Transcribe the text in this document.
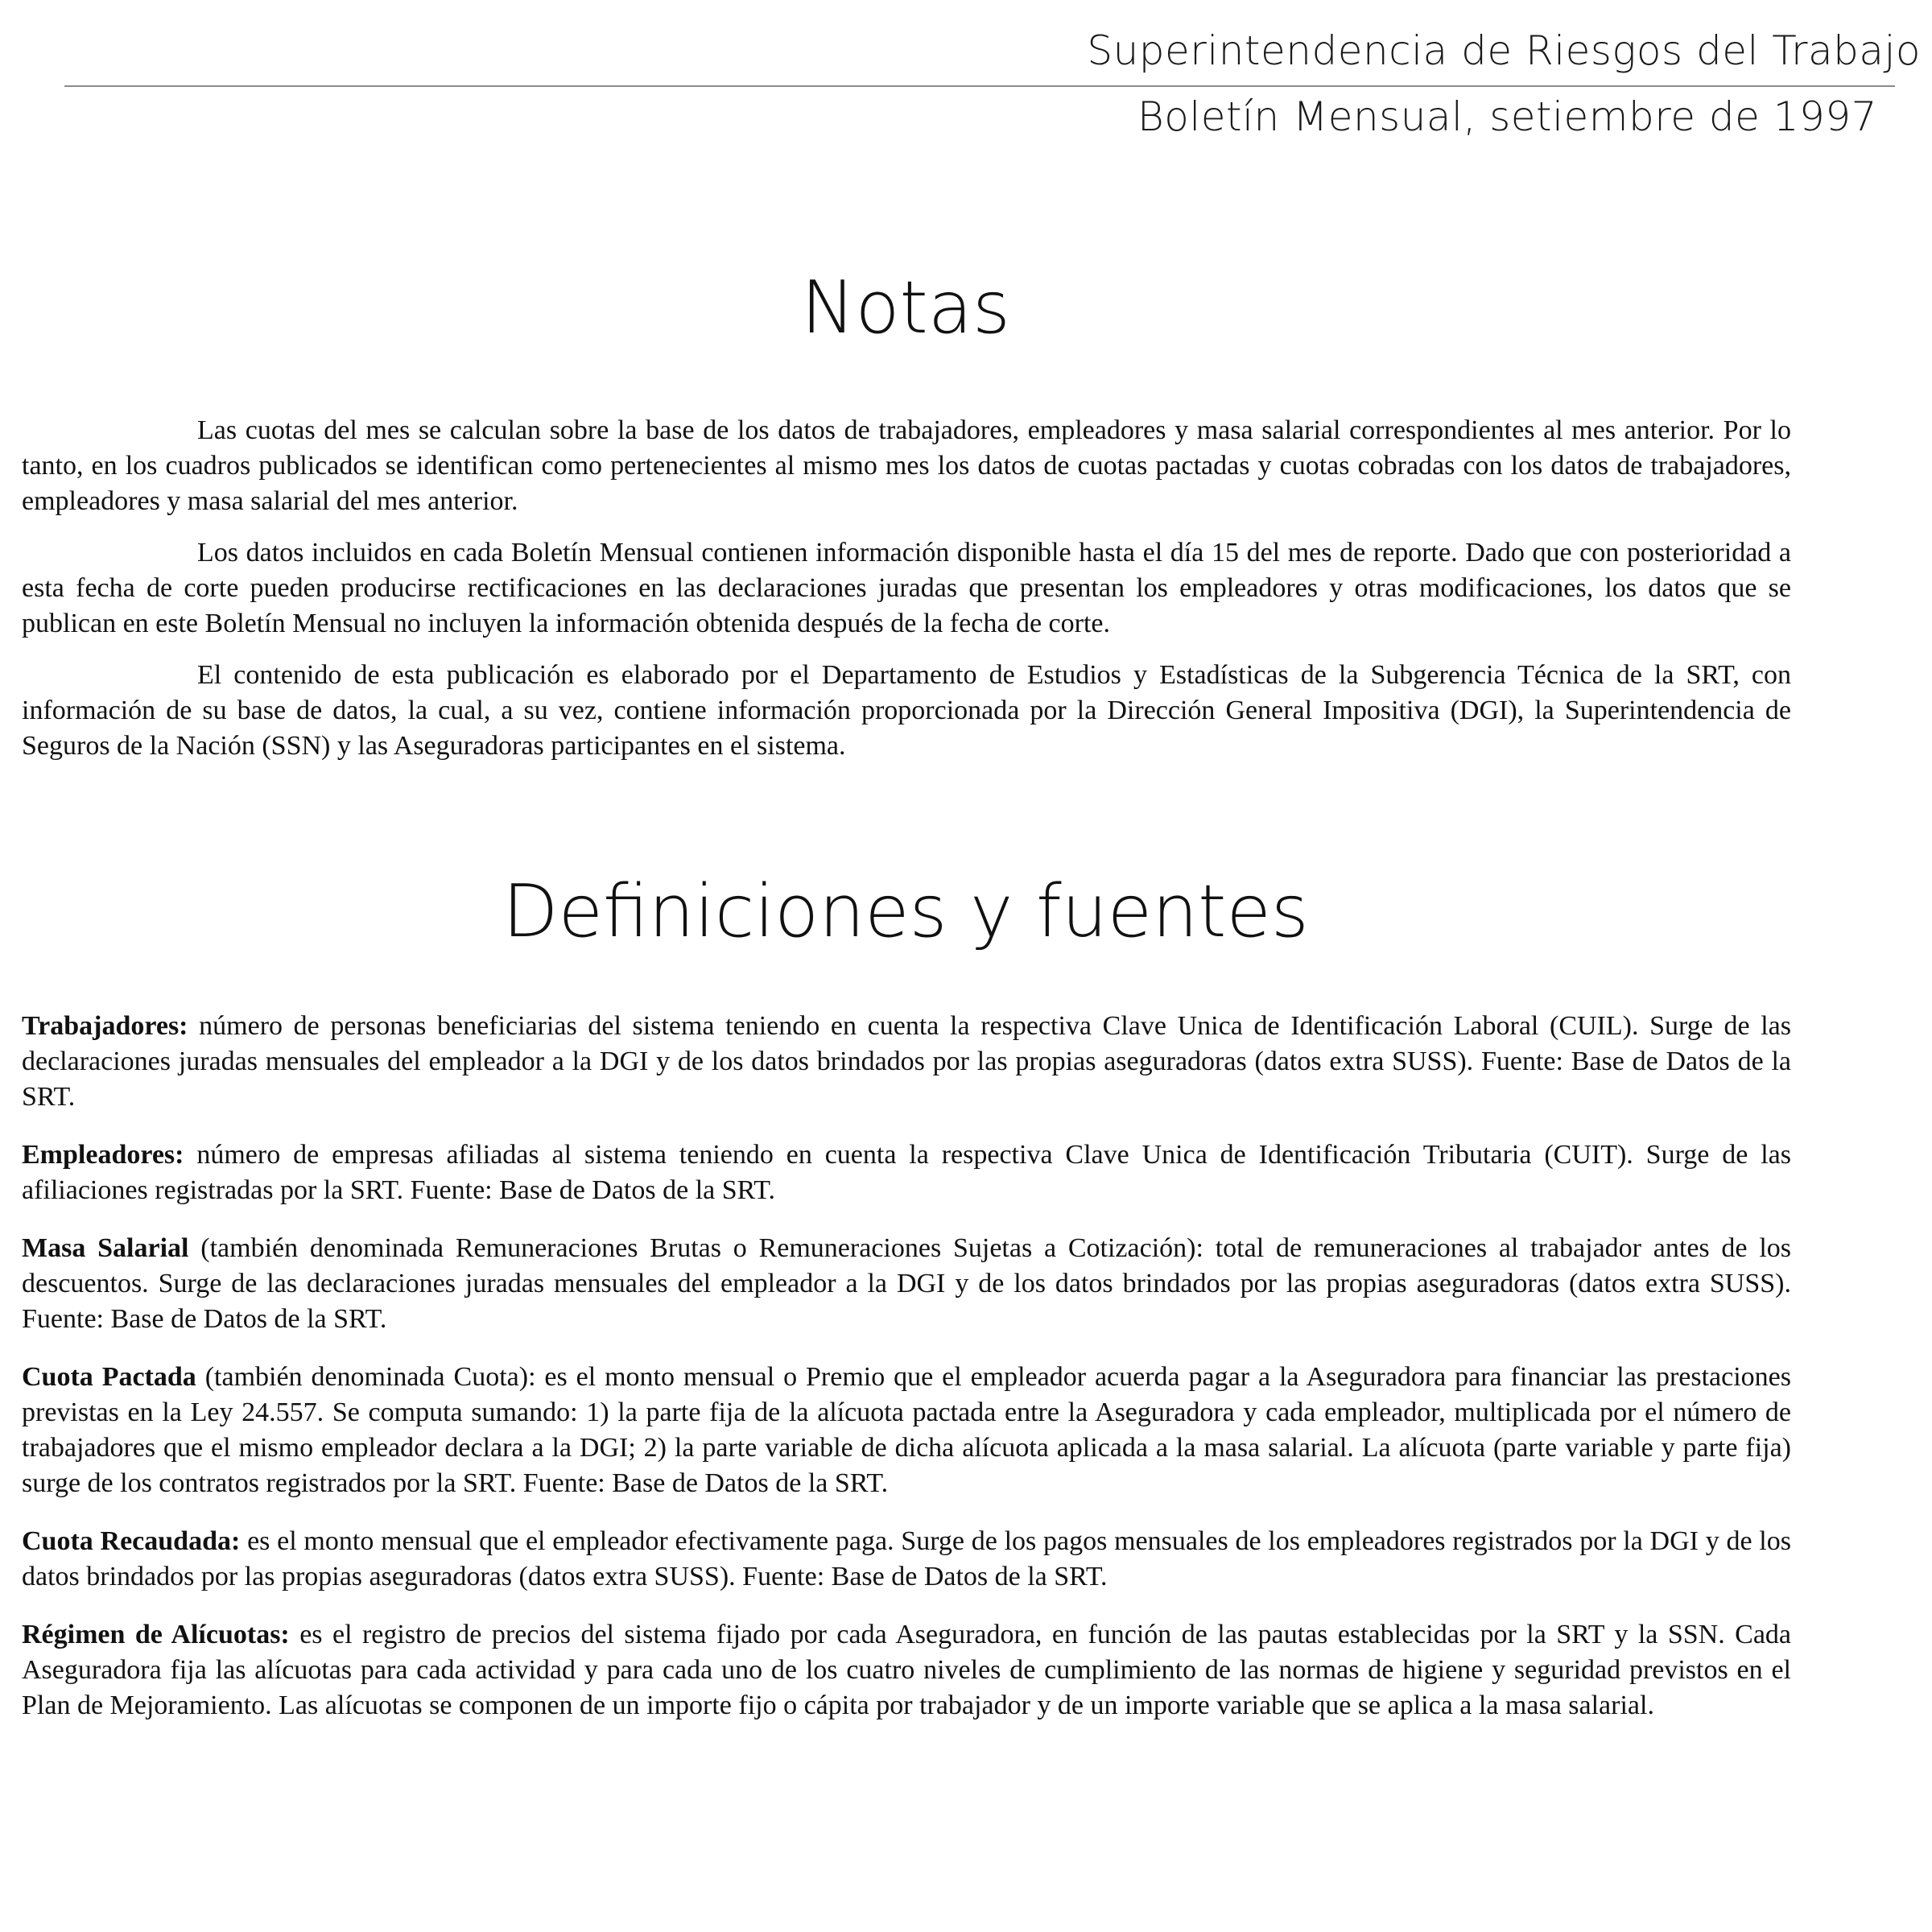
Superintendencia de Riesgos del Trabajo
Boletín Mensual, setiembre de 1997
Notas

Las cuotas del mes se calculan sobre la base de los datos de trabajadores, empleadores y masa salarial correspondientes al mes anterior. Por lo tanto, en los cuadros publicados se identifican como pertenecientes al mismo mes los datos de cuotas pactadas y cuotas cobradas con los datos de trabajadores, empleadores y masa salarial del mes anterior.

Los datos incluidos en cada Boletín Mensual contienen información disponible hasta el día 15 del mes de reporte. Dado que con posterioridad a esta fecha de corte pueden producirse rectificaciones en las declaraciones juradas que presentan los empleadores y otras modificaciones, los datos que se publican en este Boletín Mensual no incluyen la información obtenida después de la fecha de corte.

El contenido de esta publicación es elaborado por el Departamento de Estudios y Estadísticas de la Subgerencia Técnica de la SRT, con información de su base de datos, la cual, a su vez, contiene información proporcionada por la Dirección General Impositiva (DGI), la Superintendencia de Seguros de la Nación (SSN) y las Aseguradoras participantes en el sistema.

Definiciones y fuentes

Trabajadores: número de personas beneficiarias del sistema teniendo en cuenta la respectiva Clave Unica de Identificación Laboral (CUIL). Surge de las declaraciones juradas mensuales del empleador a la DGI y de los datos brindados por las propias aseguradoras (datos extra SUSS). Fuente: Base de Datos de la SRT.

Empleadores: número de empresas afiliadas al sistema teniendo en cuenta la respectiva Clave Unica de Identificación Tributaria (CUIT). Surge de las afiliaciones registradas por la SRT. Fuente: Base de Datos de la SRT.

Masa Salarial (también denominada Remuneraciones Brutas o Remuneraciones Sujetas a Cotización): total de remuneraciones al trabajador antes de los descuentos. Surge de las declaraciones juradas mensuales del empleador a la DGI y de los datos brindados por las propias aseguradoras (datos extra SUSS). Fuente: Base de Datos de la SRT.

Cuota Pactada (también denominada Cuota): es el monto mensual o Premio que el empleador acuerda pagar a la Aseguradora para financiar las prestaciones previstas en la Ley 24.557. Se computa sumando: 1) la parte fija de la alícuota pactada entre la Aseguradora y cada empleador, multiplicada por el número de trabajadores que el mismo empleador declara a la DGI; 2) la parte variable de dicha alícuota aplicada a la masa salarial. La alícuota (parte variable y parte fija) surge de los contratos registrados por la SRT. Fuente: Base de Datos de la SRT.

Cuota Recaudada: es el monto mensual que el empleador efectivamente paga. Surge de los pagos mensuales de los empleadores registrados por la DGI y de los datos brindados por las propias aseguradoras (datos extra SUSS). Fuente: Base de Datos de la SRT.

Régimen de Alícuotas: es el registro de precios del sistema fijado por cada Aseguradora, en función de las pautas establecidas por la SRT y la SSN. Cada Aseguradora fija las alícuotas para cada actividad y para cada uno de los cuatro niveles de cumplimiento de las normas de higiene y seguridad previstos en el Plan de Mejoramiento. Las alícuotas se componen de un importe fijo o cápita por trabajador y de un importe variable que se aplica a la masa salarial.
